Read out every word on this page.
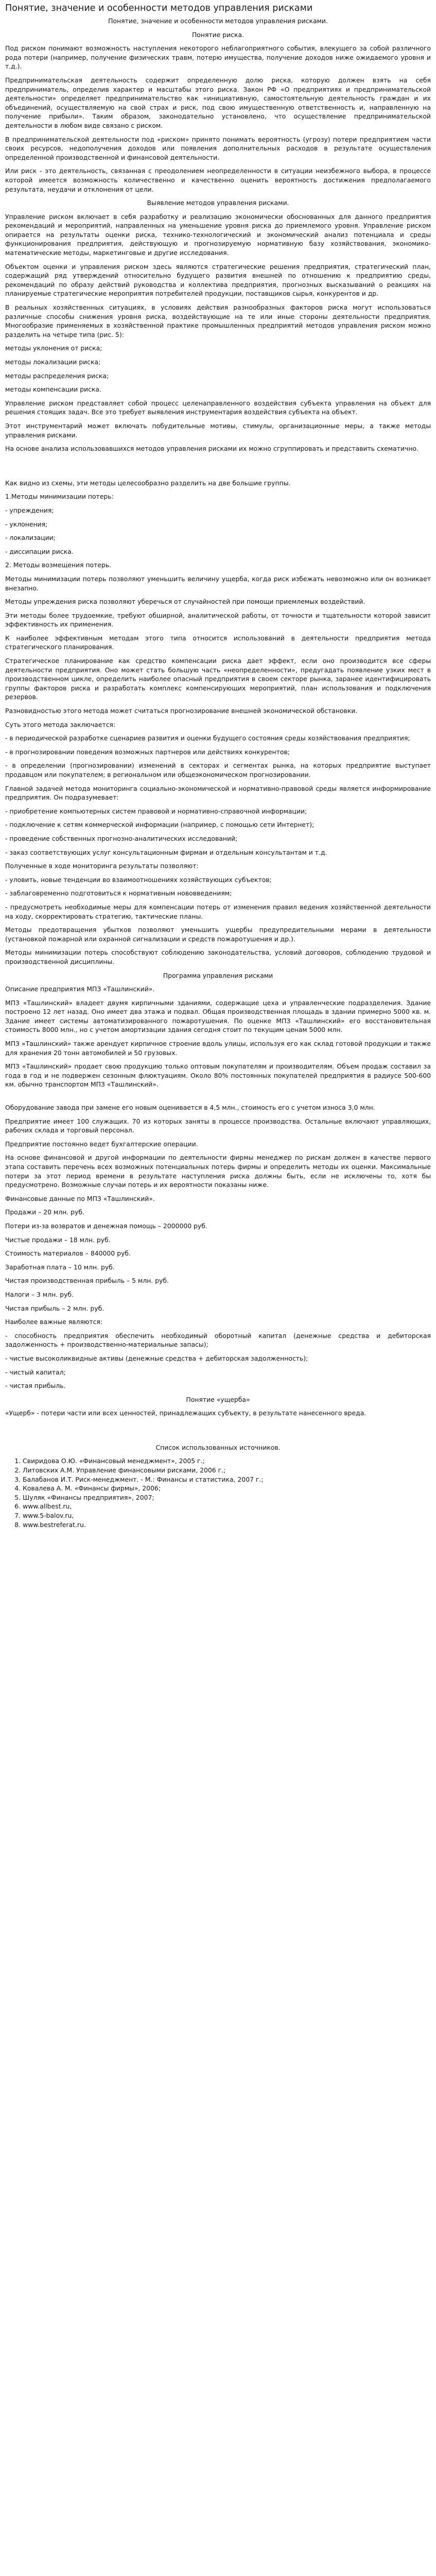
Понятие, значение и особенности методов управления рисками
Понятие, значение и особенности методов управления рисками.
Понятие риска.

Под риском понимают возможность наступления некоторого неблагоприятного события, влекущего за собой различного рода потери (например, получение физических травм, потерю имущества, получение доходов ниже ожидаемого уровня и т.д.).

Предпринимательская деятельность содержит определенную долю риска, которую должен взять на себя предприниматель, определив характер и масштабы этого риска. Закон РФ «О предприятиях и предпринимательской деятельности» определяет предпринимательство как «инициативную, самостоятельную деятельность граждан и их объединений, осуществляемую на свой страх и риск, под свою имущественную ответственность и, направленную на получение прибыли». Таким образом, законодательно установлено, что осуществление предпринимательской деятельности в любом виде связано с риском.

В предпринимательской деятельности под «риском» принято понимать вероятность (угрозу) потери предприятием части своих ресурсов, недополучения доходов или появления дополнительных расходов в результате осуществления определенной производственной и финансовой деятельности.

Или риск - это деятельность, связанная с преодолением неопределенности в ситуации неизбежного выбора, в процессе которой имеется возможность количественно и качественно оценить вероятность достижения предполагаемого результата, неудачи и отклонения от цели.

Выявление методов управления рисками.

Управление риском включает в себя разработку и реализацию экономически обоснованных для данного предприятия рекомендаций и мероприятий, направленных на уменьшение уровня риска до приемлемого уровня. Управление риском опирается на результаты оценки риска, технико-технологический и экономический анализ потенциала и среды функционирования предприятия, действующую и прогнозируемую нормативную базу хозяйствования, экономико-математические методы, маркетинговые и другие исследования.

Объектом оценки и управления риском здесь являются стратегические решения предприятия, стратегический план, содержащий ряд утверждений относительно будущего развития внешней по отношению к предприятию среды, рекомендаций по образу действий руководства и коллектива предприятия, прогнозных высказываний о реакциях на планируемые стратегические мероприятия потребителей продукции, поставщиков сырья, конкурентов и др.

В реальных хозяйственных ситуациях, в условиях действия разнообразных факторов риска могут использоваться различные способы снижения уровня риска, воздействующие на те или иные стороны деятельности предприятия. Многообразие применяемых в хозяйственной практике промышленных предприятий методов управления риском можно разделить на четыре типа (рис. 5):

методы уклонения от риска;

методы локализации риска;

методы распределения риска;

методы компенсации риска.

Управление риском представляет собой процесс целенаправленного воздействия субъекта управления на объект для решения стоящих задач. Все это требует выявления инструментария воздействия субъекта на объект.

Этот инструментарий может включать побудительные мотивы, стимулы, организационные меры, а также методы управления рисками.

На основе анализа использовавшихся методов управления рисками их можно сгруппировать и представить схематично.

Как видно из схемы, эти методы целесообразно разделить на две большие группы.

1.Методы минимизации потерь:

- упреждения;

- уклонения;

- локализации;

- диссипации риска.

2. Методы возмещения потерь.

Методы минимизации потерь позволяют уменьшить величину ущерба, когда риск избежать невозможно или он возникает внезапно.

Методы упреждения риска позволяют уберечься от случайностей при помощи приемлемых воздействий.

Эти методы более трудоемкие, требуют обширной, аналитической работы, от точности и тщательности которой зависит эффективность их применения.

К наиболее эффективным методам этого типа относится использований в деятельности предприятия метода стратегического планирования.

Стратегическое планирование как средство компенсации риска дает эффект, если оно производится все сферы деятельности предприятия. Оно может стать большую часть «неопределенности», предугадать появление узких мест в производственном цикле, определить наиболее опасный предприятия в своем секторе рынка, заранее идентифицировать группы факторов риска и разработать комплекс компенсирующих мероприятий, план использования и подключения резервов.

Разновидностью этого метода может считаться прогнозирование внешней экономической обстановки.

Суть этого метода заключается:

- в периодической разработке сценариев развития и оценки будущего состояния среды хозяйствования предприятия;

- в прогнозировании поведения возможных партнеров или действиях конкурентов;

- в определении (прогнозировании) изменений в секторах и сегментах рынка, на которых предприятие выступает продавцом или покупателем; в региональном или общеэкономическом прогнозировании.

Главной задачей метода мониторинга социально-экономической и нормативно-правовой среды является информирование предприятия. Он подразумевает:

- приобретение компьютерных систем правовой и нормативно-справочной информации;

- подключение к сетям коммерческой информации (например, с помощью сети Интернет);

- проведение собственных прогнозно-аналитических исследований;

- заказ соответствующих услуг консультационным фирмам и отдельным консультантам и т.д.

Полученные в ходе мониторинга результаты позволяют:

- уловить, новые тенденции во взаимоотношениях хозяйствующих субъектов;

- заблаговременно подготовиться к нормативным нововведениям;

- предусмотреть необходимые меры для компенсации потерь от изменения правил ведения хозяйственной деятельности на ходу, скорректировать стратегию, тактические планы.

Методы предотвращения убытков позволяют уменьшить ущербы предупредительными мерами в деятельности (установкой пожарной или охранной сигнализации и средств пожаротушения и др.).

Методы минимизации потерь способствуют соблюдению законодательства, условий договоров, соблюдению трудовой и производственной дисциплины.

Программа управления рисками

Описание предприятия МПЗ «Ташлинский».

МПЗ «Ташлинский» владеет двумя кирпичными зданиями, содержащие цеха и управленческие подразделения. Здание построено 12 лет назад. Оно имеет два этажа и подвал. Общая производственная площадь в здании примерно 5000 кв. м. Здание имеет системы автоматизированного пожаротушения. По оценке МПЗ «Ташлинский» его восстановительная стоимость 8000 млн., но с учетом амортизации здания сегодня стоит по текущим ценам 5000 млн.

МПЗ «Ташлинский» также арендует кирпичное строение вдоль улицы, используя его как склад готовой продукции и также для хранения 20 тонн автомобилей и 50 грузовых.

МПЗ «Ташлинский» продает свою продукцию только оптовым покупателям и производителям. Объем продаж составил за года в год и не подвержен сезонным флюктуациям. Около 80% постоянных покупателей предприятия в радиусе 500-600 км. обычно транспортом МПЗ «Ташлинский».

Оборудование завода при замене его новым оценивается в 4,5 млн., стоимость его с учетом износа 3,0 млн.

Предприятие имеет 100 служащих. 70 из которых заняты в процессе производства. Остальные включают управляющих, рабочих склада и торговый персонал.

Предприятие постоянно ведет бухгалтерские операции.

На основе финансовой и другой информации по деятельности фирмы менеджер по рискам должен в качестве первого этапа составить перечень всех возможных потенциальных потерь фирмы и определить методы их оценки. Максимальные потери за этот период времени в результате наступления риска должны быть, если не исключены то, хотя бы предусмотрено. Возможные случаи потерь и их вероятности показаны ниже.

Финансовые данные по МПЗ «Ташлинский».

Продажи – 20 млн. руб.

Потери из-за возвратов и денежная помощь – 2000000 руб.

Чистые продажи – 18 млн. руб.

Стоимость материалов – 840000 руб.

Заработная плата – 10 млн. руб.

Чистая производственная прибыль – 5 млн. руб.

Налоги – 3 млн. руб.

Чистая прибыль – 2 млн. руб.

Наиболее важные являются:

- способность предприятия обеспечить необходимый оборотный капитал (денежные средства и дебиторская задолженность + производственно-материальные запасы);

- чистые высоколиквидные активы (денежные средства + дебиторская задолженность);

- чистый капитал;

- чистая прибыль.

Понятие «ущерба»

«Ущерб» - потери части или всех ценностей, принадлежащих субъекту, в результате нанесенного вреда.

Список использованных источников.
1. Свиридова О.Ю. «Финансовый менеджмент», 2005 г.;
2. Литовских А.М. Управление финансовыми рисками, 2006 г.;
3. Балабанов И.Т. Риск-менеджмент. - М.: Финансы и статистика, 2007 г.;
4. Ковалева А. М. «Финансы фирмы», 2006;
5. Шуляк «Финансы предприятия», 2007;
6. www.allbest.ru,
7. www.5-balov.ru,
8. www.bestreferat.ru.
